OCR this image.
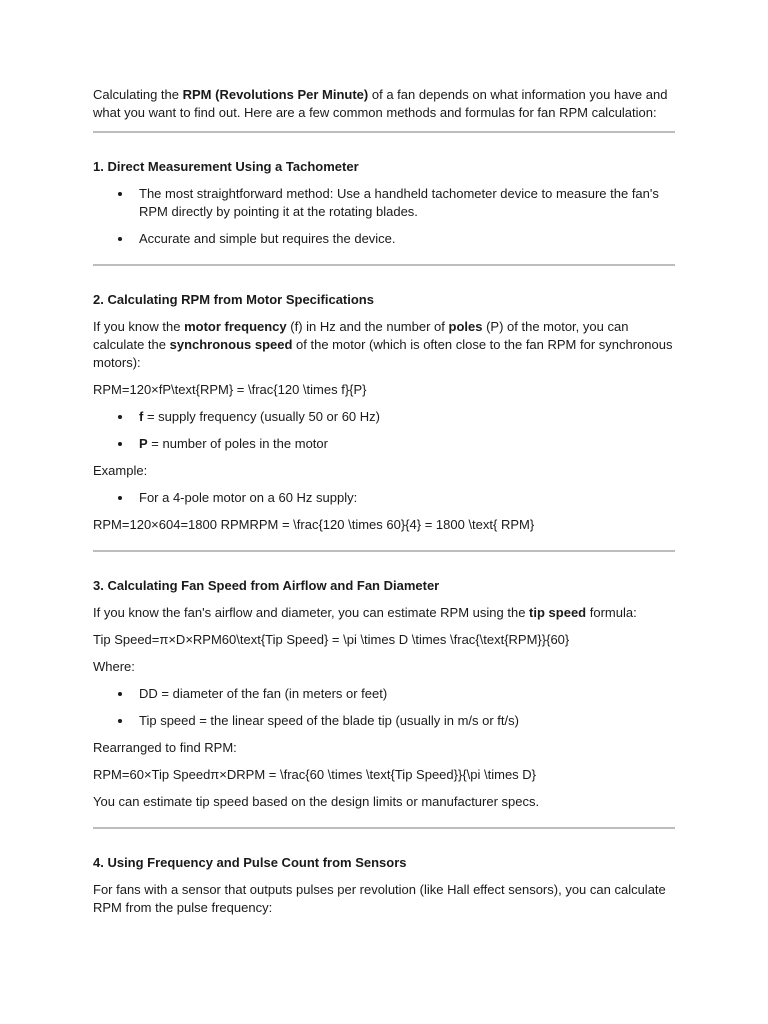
Calculating the RPM (Revolutions Per Minute) of a fan depends on what information you have and what you want to find out. Here are a few common methods and formulas for fan RPM calculation:

1. Direct Measurement Using a Tachometer
The most straightforward method: Use a handheld tachometer device to measure the fan's RPM directly by pointing it at the rotating blades.
Accurate and simple but requires the device.
2. Calculating RPM from Motor Specifications

If you know the motor frequency (f) in Hz and the number of poles (P) of the motor, you can calculate the synchronous speed of the motor (which is often close to the fan RPM for synchronous motors):

RPM=120×fP\text{RPM} = \frac{120 \times f}{P}

f = supply frequency (usually 50 or 60 Hz)
P = number of poles in the motor

Example:

For a 4-pole motor on a 60 Hz supply:

RPM=120×604=1800 RPMRPM = \frac{120 \times 60}{4} = 1800 \text{ RPM}

3. Calculating Fan Speed from Airflow and Fan Diameter

If you know the fan's airflow and diameter, you can estimate RPM using the tip speed formula:

Tip Speed=π×D×RPM60\text{Tip Speed} = \pi \times D \times \frac{\text{RPM}}{60}

Where:

DD = diameter of the fan (in meters or feet)
Tip speed = the linear speed of the blade tip (usually in m/s or ft/s)

Rearranged to find RPM:

RPM=60×Tip Speedπ×DRPM = \frac{60 \times \text{Tip Speed}}{\pi \times D}

You can estimate tip speed based on the design limits or manufacturer specs.

4. Using Frequency and Pulse Count from Sensors

For fans with a sensor that outputs pulses per revolution (like Hall effect sensors), you can calculate RPM from the pulse frequency:
